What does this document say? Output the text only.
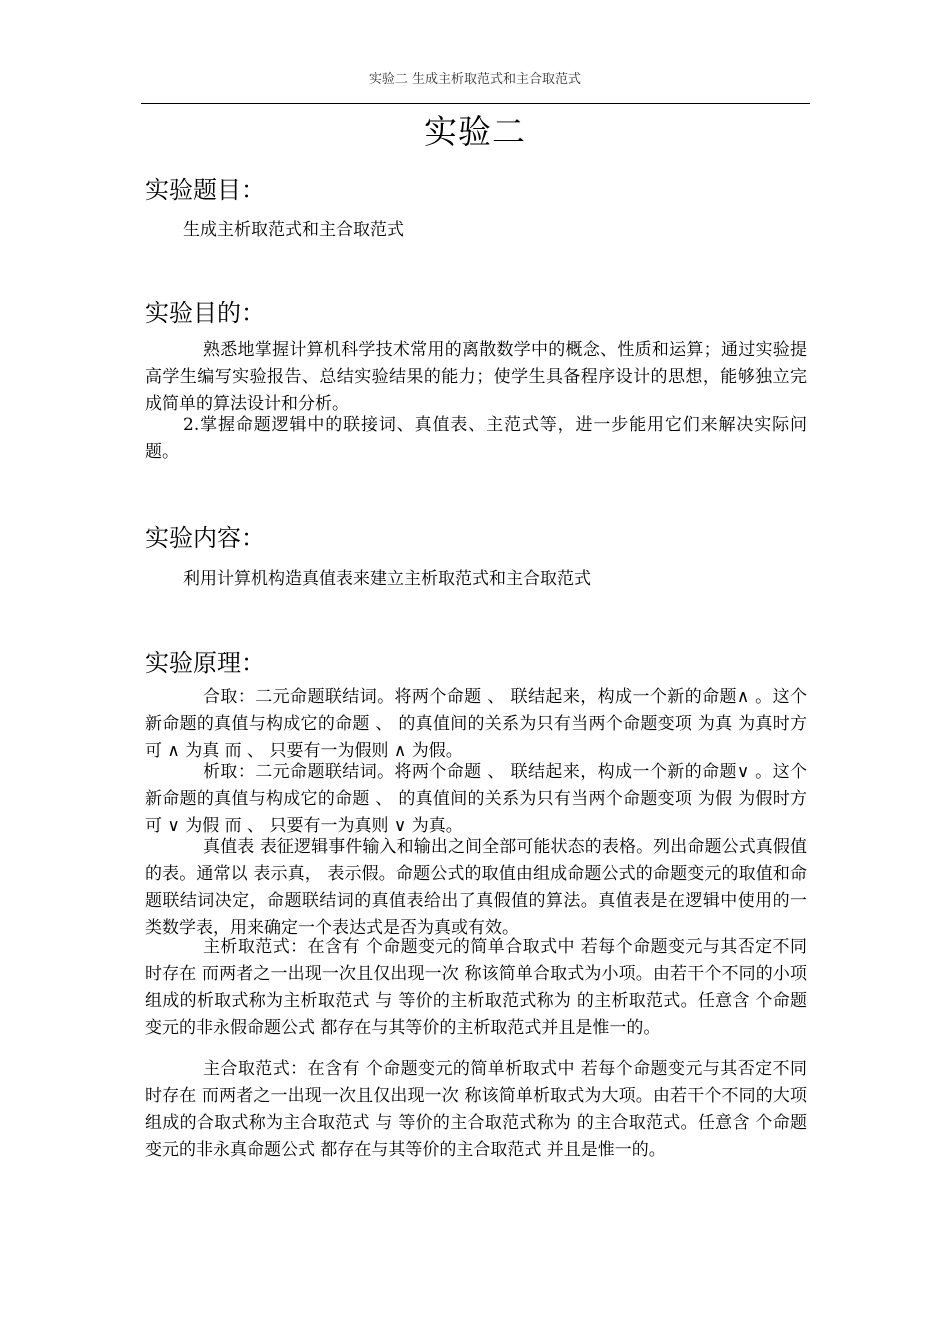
实验二 生成主析取范式和主合取范式
实验二
实验题目：

生成主析取范式和主合取范式

实验目的：

熟悉地掌握计算机科学技术常用的离散数学中的概念、性质和运算；通过实验提高学生编写实验报告、总结实验结果的能力；使学生具备程序设计的思想，能够独立完成简单的算法设计和分析。

2.掌握命题逻辑中的联接词、真值表、主范式等，进一步能用它们来解决实际问题。

实验内容：

利用计算机构造真值表来建立主析取范式和主合取范式

实验原理：

合取：二元命题联结词。将两个命题 、 联结起来，构成一个新的命题∧ 。这个新命题的真值与构成它的命题 、 的真值间的关系为只有当两个命题变项 为真 为真时方可 ∧ 为真 而 、 只要有一为假则 ∧ 为假。

析取：二元命题联结词。将两个命题 、 联结起来，构成一个新的命题∨ 。这个新命题的真值与构成它的命题 、 的真值间的关系为只有当两个命题变项 为假 为假时方可 ∨ 为假 而 、 只要有一为真则 ∨ 为真。

真值表 表征逻辑事件输入和输出之间全部可能状态的表格。列出命题公式真假值的表。通常以 表示真， 表示假。命题公式的取值由组成命题公式的命题变元的取值和命题联结词决定，命题联结词的真值表给出了真假值的算法。真值表是在逻辑中使用的一类数学表，用来确定一个表达式是否为真或有效。

主析取范式：在含有 个命题变元的简单合取式中 若每个命题变元与其否定不同时存在 而两者之一出现一次且仅出现一次 称该简单合取式为小项。由若干个不同的小项组成的析取式称为主析取范式 与 等价的主析取范式称为 的主析取范式。任意含 个命题变元的非永假命题公式 都存在与其等价的主析取范式并且是惟一的。

主合取范式：在含有 个命题变元的简单析取式中 若每个命题变元与其否定不同时存在 而两者之一出现一次且仅出现一次 称该简单析取式为大项。由若干个不同的大项组成的合取式称为主合取范式 与 等价的主合取范式称为 的主合取范式。任意含 个命题变元的非永真命题公式 都存在与其等价的主合取范式 并且是惟一的。
